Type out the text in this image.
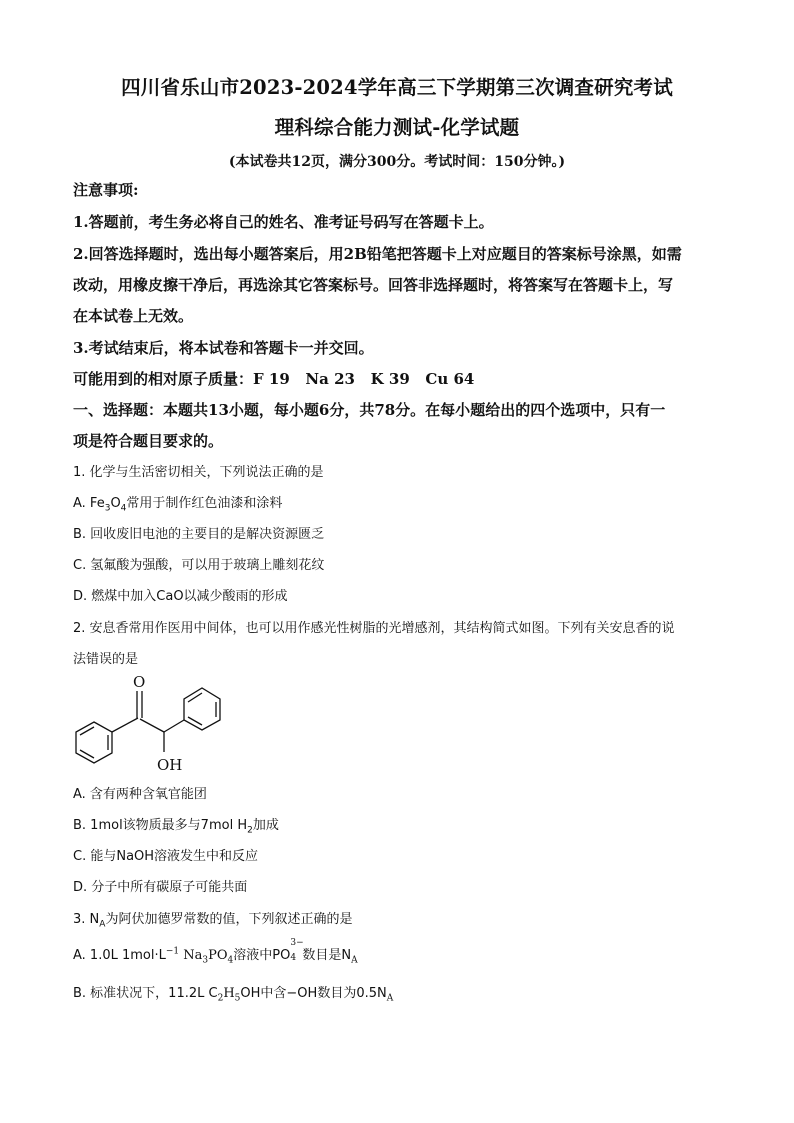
四川省乐山市2023-2024学年高三下学期第三次调查研究考试
理科综合能力测试-化学试题
(本试卷共12页，满分300分。考试时间：150分钟。)
注意事项:
1.答题前，考生务必将自己的姓名、准考证号码写在答题卡上。
2.回答选择题时，选出每小题答案后，用2B铅笔把答题卡上对应题目的答案标号涂黑，如需
改动，用橡皮擦干净后，再选涂其它答案标号。回答非选择题时，将答案写在答题卡上，写
在本试卷上无效。
3.考试结束后，将本试卷和答题卡一并交回。
可能用到的相对原子质量：F 19   Na 23   K 39   Cu 64
一、选择题：本题共13小题，每小题6分，共78分。在每小题给出的四个选项中，只有一
项是符合题目要求的。
1. 化学与生活密切相关，下列说法正确的是
A. $Fe_3O_4$常用于制作红色油漆和涂料
B. 回收废旧电池的主要目的是解决资源匮乏
C. 氢氟酸为强酸，可以用于玻璃上雕刻花纹
D. 燃煤中加入CaO以减少酸雨的形成
2. 安息香常用作医用中间体，也可以用作感光性树脂的光增感剂，其结构简式如图。下列有关安息香的说
法错误的是
O
OH
A. 含有两种含氧官能团
B. 1mol该物质最多与7mol $H_2$加成
C. 能与NaOH溶液发生中和反应
D. 分子中所有碳原子可能共面
3. $N_A$为阿伏加德罗常数的值，下列叙述正确的是
A. 1.0L $1mol\cdot L^{-1}$ $Na_3PO_4$溶液中PO
3−
4 数目是$N_A$
B. 标准状况下，11.2L $C_2H_5OH$中含−OH数目为$0.5N_A$
